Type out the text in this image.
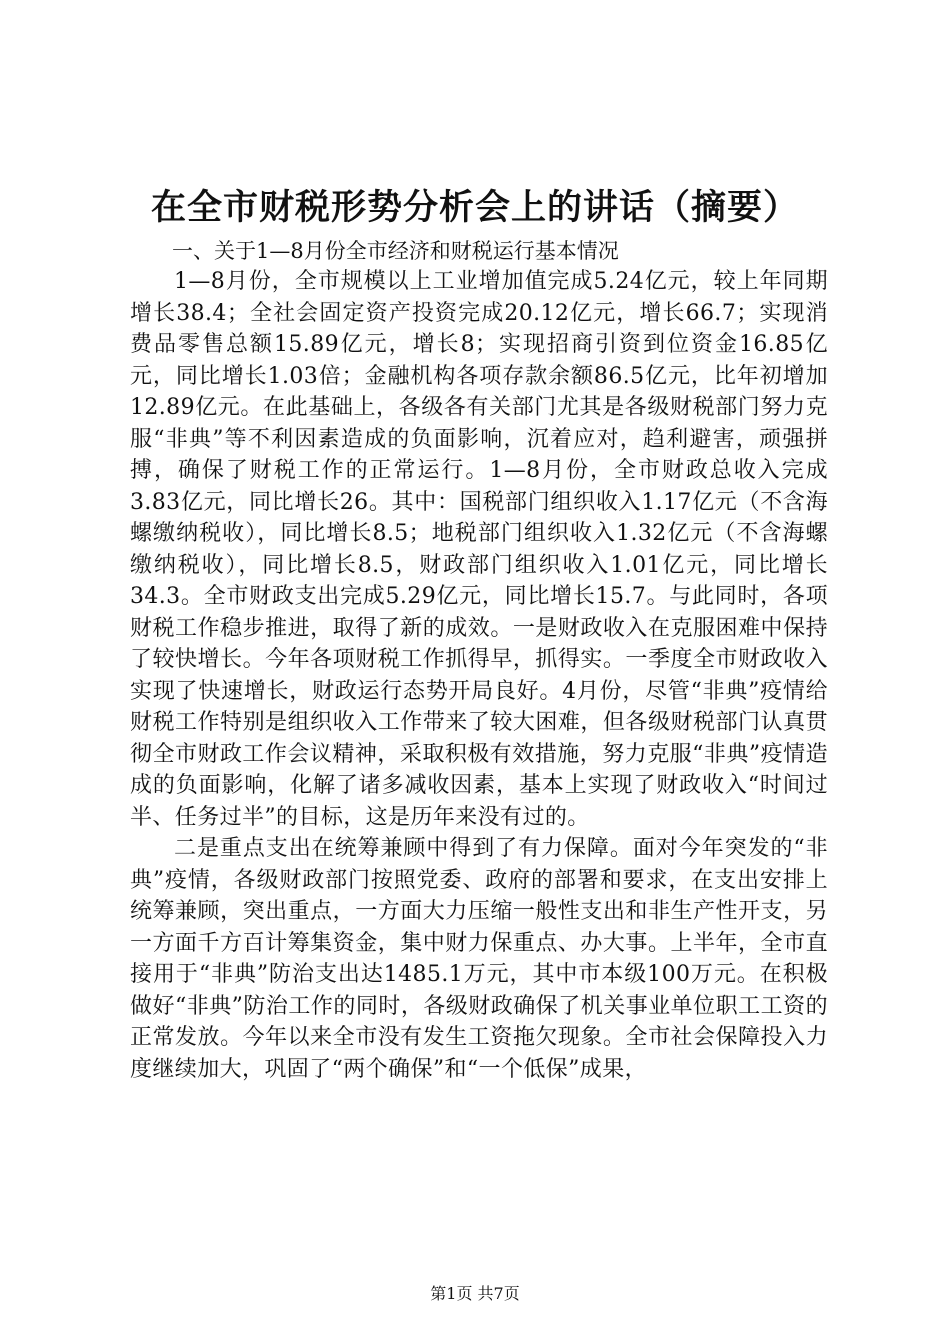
在全市财税形势分析会上的讲话（摘要）

一、关于1—8月份全市经济和财税运行基本情况

1—8月份，全市规模以上工业增加值完成5.24亿元，较上年同期增长38.4；全社会固定资产投资完成20.12亿元，增长66.7；实现消费品零售总额15.89亿元，增长8；实现招商引资到位资金16.85亿元，同比增长1.03倍；金融机构各项存款余额86.5亿元，比年初增加12.89亿元。在此基础上，各级各有关部门尤其是各级财税部门努力克服“非典”等不利因素造成的负面影响，沉着应对，趋利避害，顽强拼搏，确保了财税工作的正常运行。1—8月份，全市财政总收入完成3.83亿元，同比增长26。其中：国税部门组织收入1.17亿元（不含海螺缴纳税收），同比增长8.5；地税部门组织收入1.32亿元（不含海螺缴纳税收），同比增长8.5，财政部门组织收入1.01亿元，同比增长34.3。全市财政支出完成5.29亿元，同比增长15.7。与此同时，各项财税工作稳步推进，取得了新的成效。一是财政收入在克服困难中保持了较快增长。今年各项财税工作抓得早，抓得实。一季度全市财政收入实现了快速增长，财政运行态势开局良好。4月份，尽管“非典”疫情给财税工作特别是组织收入工作带来了较大困难，但各级财税部门认真贯彻全市财政工作会议精神，采取积极有效措施，努力克服“非典”疫情造成的负面影响，化解了诸多减收因素，基本上实现了财政收入“时间过半、任务过半”的目标，这是历年来没有过的。

二是重点支出在统筹兼顾中得到了有力保障。面对今年突发的“非典”疫情，各级财政部门按照党委、政府的部署和要求，在支出安排上统筹兼顾，突出重点，一方面大力压缩一般性支出和非生产性开支，另一方面千方百计筹集资金，集中财力保重点、办大事。上半年，全市直接用于“非典”防治支出达1485.1万元，其中市本级100万元。在积极做好“非典”防治工作的同时，各级财政确保了机关事业单位职工工资的正常发放。今年以来全市没有发生工资拖欠现象。全市社会保障投入力度继续加大，巩固了“两个确保”和“一个低保”成果，

第1页 共7页
